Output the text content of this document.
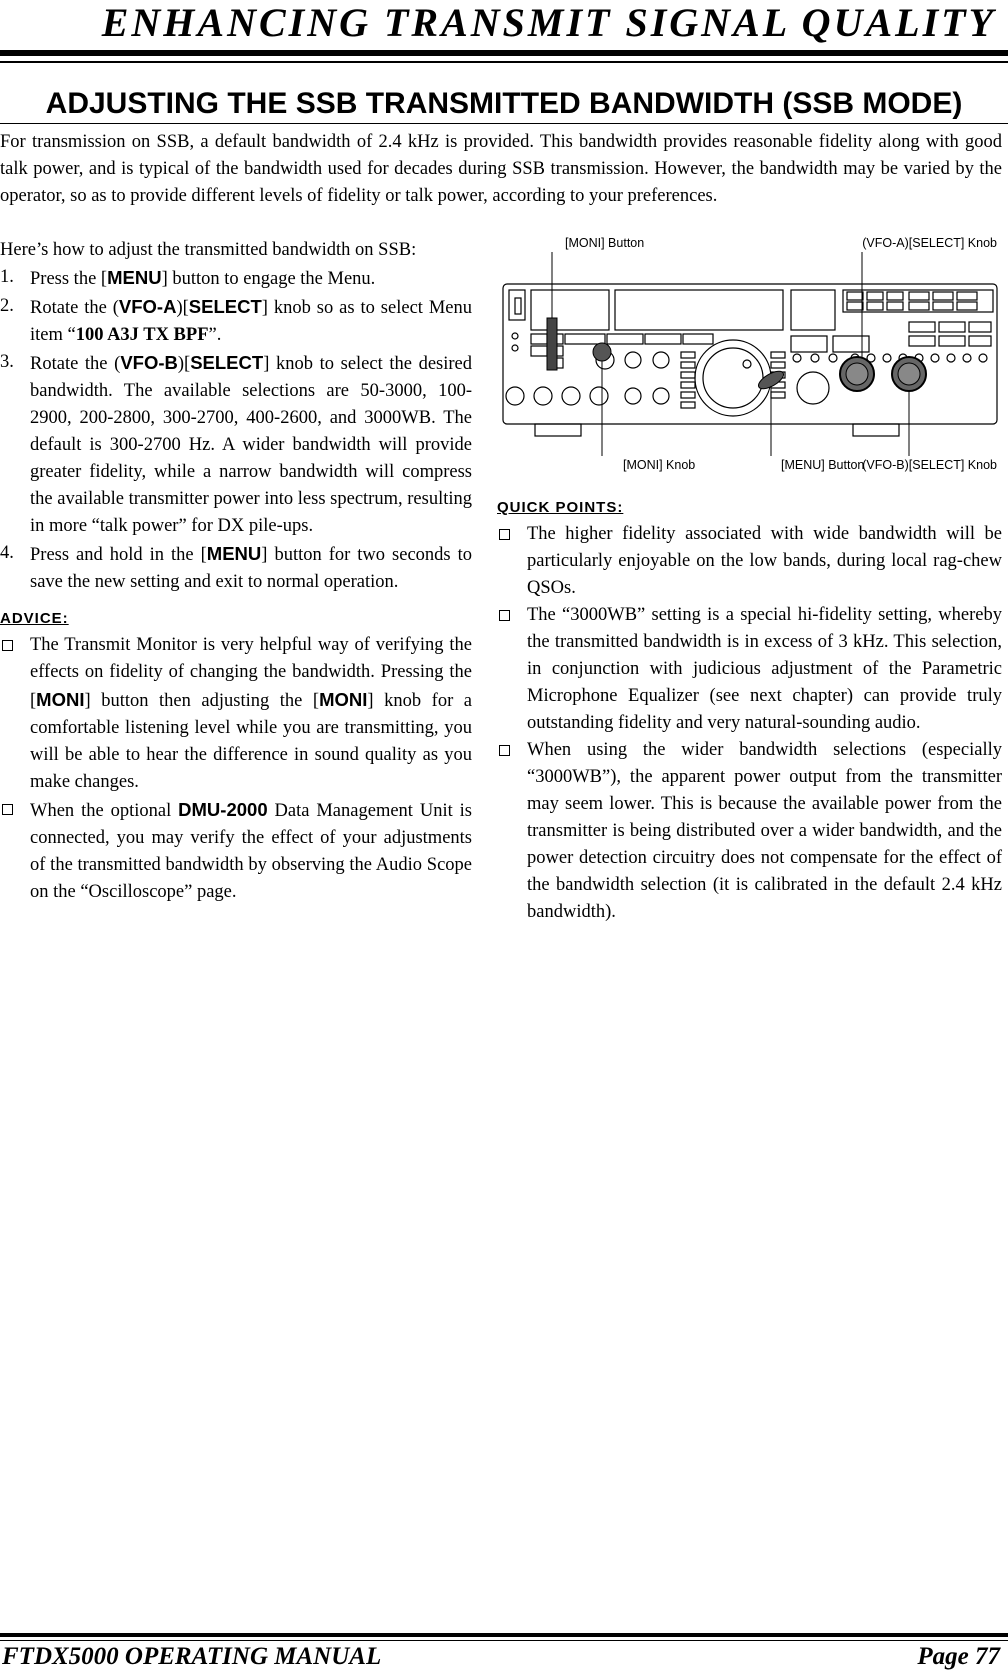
ENHANCING TRANSMIT SIGNAL QUALITY
ADJUSTING THE SSB TRANSMITTED BANDWIDTH (SSB MODE)

For transmission on SSB, a default bandwidth of 2.4 kHz is provided. This bandwidth provides reasonable fidelity along with good talk power, and is typical of the bandwidth used for decades during SSB transmission. However, the bandwidth may be varied by the operator, so as to provide different levels of fidelity or talk power, according to your preferences.

Here’s how to adjust the transmitted bandwidth on SSB:

1. Press the [MENU] button to engage the Menu.
2. Rotate the (VFO-A)[SELECT] knob so as to select Menu item “100 A3J TX BPF”.
3. Rotate the (VFO-B)[SELECT] knob to select the desired bandwidth. The available selections are 50-3000, 100-2900, 200-2800, 300-2700, 400-2600, and 3000WB. The default is 300-2700 Hz. A wider bandwidth will provide greater fidelity, while a narrow bandwidth will compress the available transmitter power into less spectrum, resulting in more “talk power” for DX pile-ups.
4. Press and hold in the [MENU] button for two seconds to save the new setting and exit to normal operation.

ADVICE:

The Transmit Monitor is very helpful way of verifying the effects on fidelity of changing the bandwidth. Pressing the [MONI] button then adjusting the [MONI] knob for a comfortable listening level while you are transmitting, you will be able to hear the difference in sound quality as you make changes.
When the optional DMU-2000 Data Management Unit is connected, you may verify the effect of your adjustments of the transmitted bandwidth by observing the Audio Scope on the “Oscilloscope” page.
[MONI] Button	(VFO-A)[SELECT] Knob
[MONI] Knob	[MENU] Button
(VFO-B)[SELECT] Knob

QUICK POINTS:

The higher fidelity associated with wide bandwidth will be particularly enjoyable on the low bands, during local rag-chew QSOs.
The “3000WB” setting is a special hi-fidelity setting, whereby the transmitted bandwidth is in excess of 3 kHz. This selection, in conjunction with judicious adjustment of the Parametric Microphone Equalizer (see next chapter) can provide truly outstanding fidelity and very natural-sounding audio.
When using the wider bandwidth selections (especially “3000WB”), the apparent power output from the transmitter may seem lower. This is because the available power from the transmitter is being distributed over a wider bandwidth, and the power detection circuitry does not compensate for the effect of the bandwidth selection (it is calibrated in the default 2.4 kHz bandwidth).

FTDX5000 OPERATING MANUAL	Page 77
